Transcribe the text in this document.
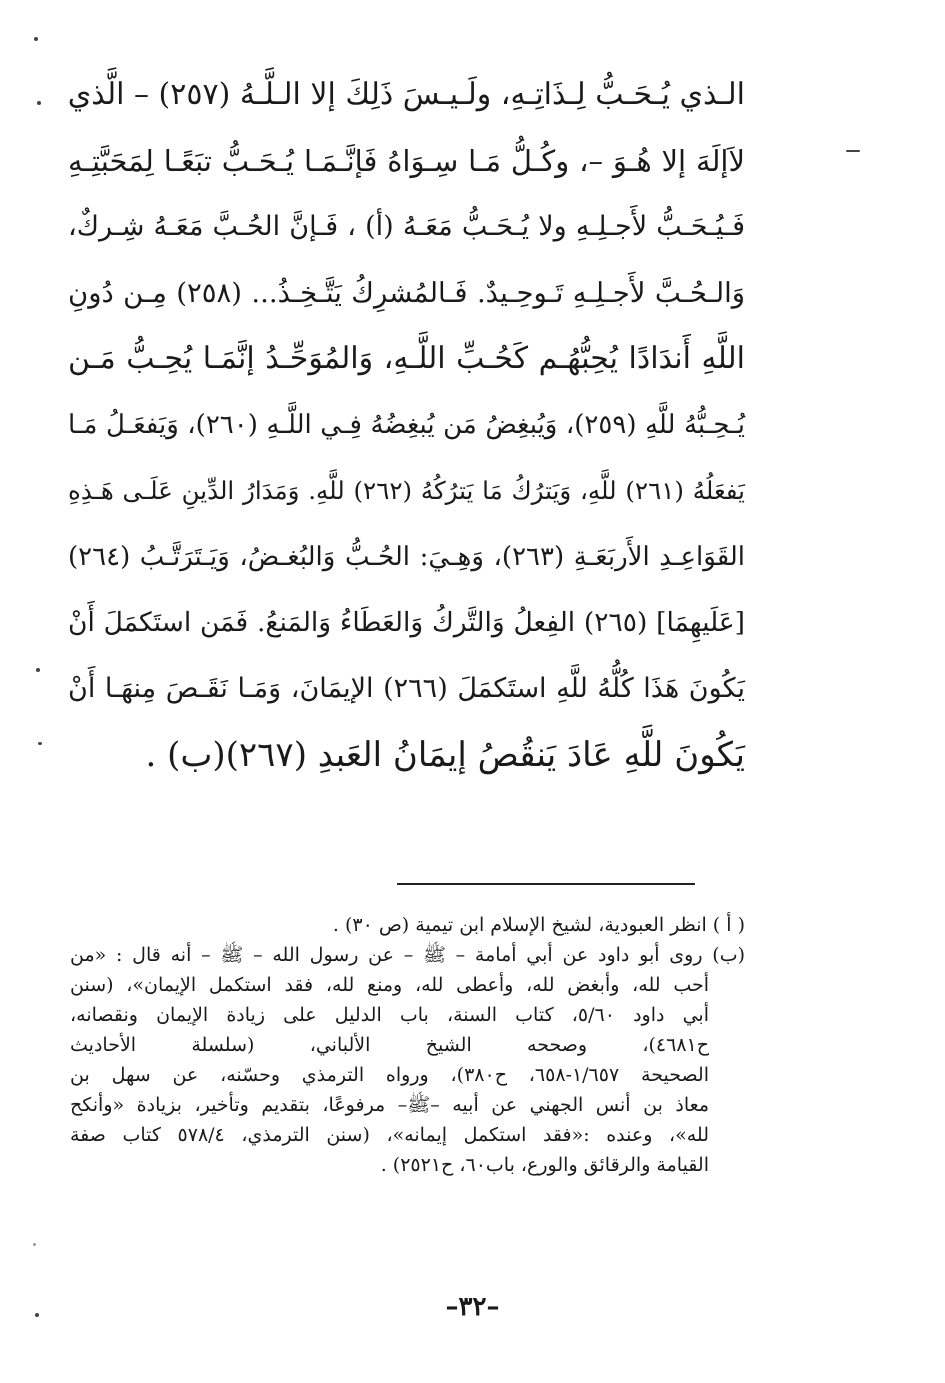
الـذي يُـحَـبُّ لِـذَاتِـهِ، ولَـيـسَ ذَلِكَ إلا الـلَّـهُ (٢٥٧) – الَّذي
لاَإلَهَ إلا هُـوَ –، وكُـلُّ مَـا سِـوَاهُ فَإنَّـمَـا يُـحَـبُّ تبَعًـا لِمَحَبَّتِـهِ
فَـيُـحَـبُّ لأَجـلِـهِ ولا يُـحَـبُّ مَعَـهُ (أ) ، فَـإنَّ الحُـبَّ مَعَـهُ شِـركٌ،
وَالـحُـبَّ لأَجـلِـهِ تَـوحِـيدٌ. فَـالمُشرِكُ يَتَّـخِـذُ... (٢٥٨) مِـن دُونِ
اللَّهِ أَندَادًا يُحِبُّهُـم كَحُـبِّ اللَّـهِ، وَالمُوَحِّـدُ إنَّمَـا يُحِـبُّ مَـن
يُـحِـبُّهُ للَّهِ (٢٥٩)، وَيُبغِضُ مَن يُبغِضُهُ فِـي اللَّـهِ (٢٦٠)، وَيَفعَـلُ مَـا
يَفعَلُهُ (٢٦١) للَّهِ، وَيَترُكُ مَا يَترُكُهُ (٢٦٢) للَّهِ. وَمَدَارُ الدِّينِ عَلَـى هَـذِهِ
القَوَاعِـدِ الأَربَعَـةِ (٢٦٣)، وَهِـيَ: الحُـبُّ وَالبُغـضُ، وَيَـتَرَتَّـبُ (٢٦٤)
[عَلَيهِمَا] (٢٦٥) الفِعلُ وَالتَّركُ وَالعَطَاءُ وَالمَنعُ. فَمَن استَكمَلَ أَنْ
يَكُونَ هَذَا كُلُّهُ للَّهِ استَكمَلَ (٢٦٦) الإيمَانَ، وَمَـا نَقَـصَ مِنهَـا أَنْ
يَكُونَ للَّهِ عَادَ يَنقُصُ إيمَانُ العَبدِ (٢٦٧)(ب) .
( أ ) انظر العبودية، لشيخ الإسلام ابن تيمية (ص ٣٠) .
(ب) روى أبو داود عن أبي أمامة – ﷺ – عن رسول الله – ﷺ – أنه قال : «من
أحب لله، وأبغض لله، وأعطى لله، ومنع لله، فقد استكمل الإيمان»، (سنن
أبي داود ٥/٦٠، كتاب السنة، باب الدليل على زيادة الإيمان ونقصانه،
ح٤٦٨١)، وصححه الشيخ الألباني، (سلسلة الأحاديث
الصحيحة ١/٦٥٧-٦٥٨، ح٣٨٠)، ورواه الترمذي وحسّنه، عن سهل بن
معاذ بن أنس الجهني عن أبيه –ﷺ– مرفوعًا، بتقديم وتأخير، بزيادة «وأنكح
لله»، وعنده :«فقد استكمل إيمانه»، (سنن الترمذي، ٥٧٨/٤ كتاب صفة
القيامة والرقائق والورع، باب٦٠، ح٢٥٢١) .
–٣٢–
